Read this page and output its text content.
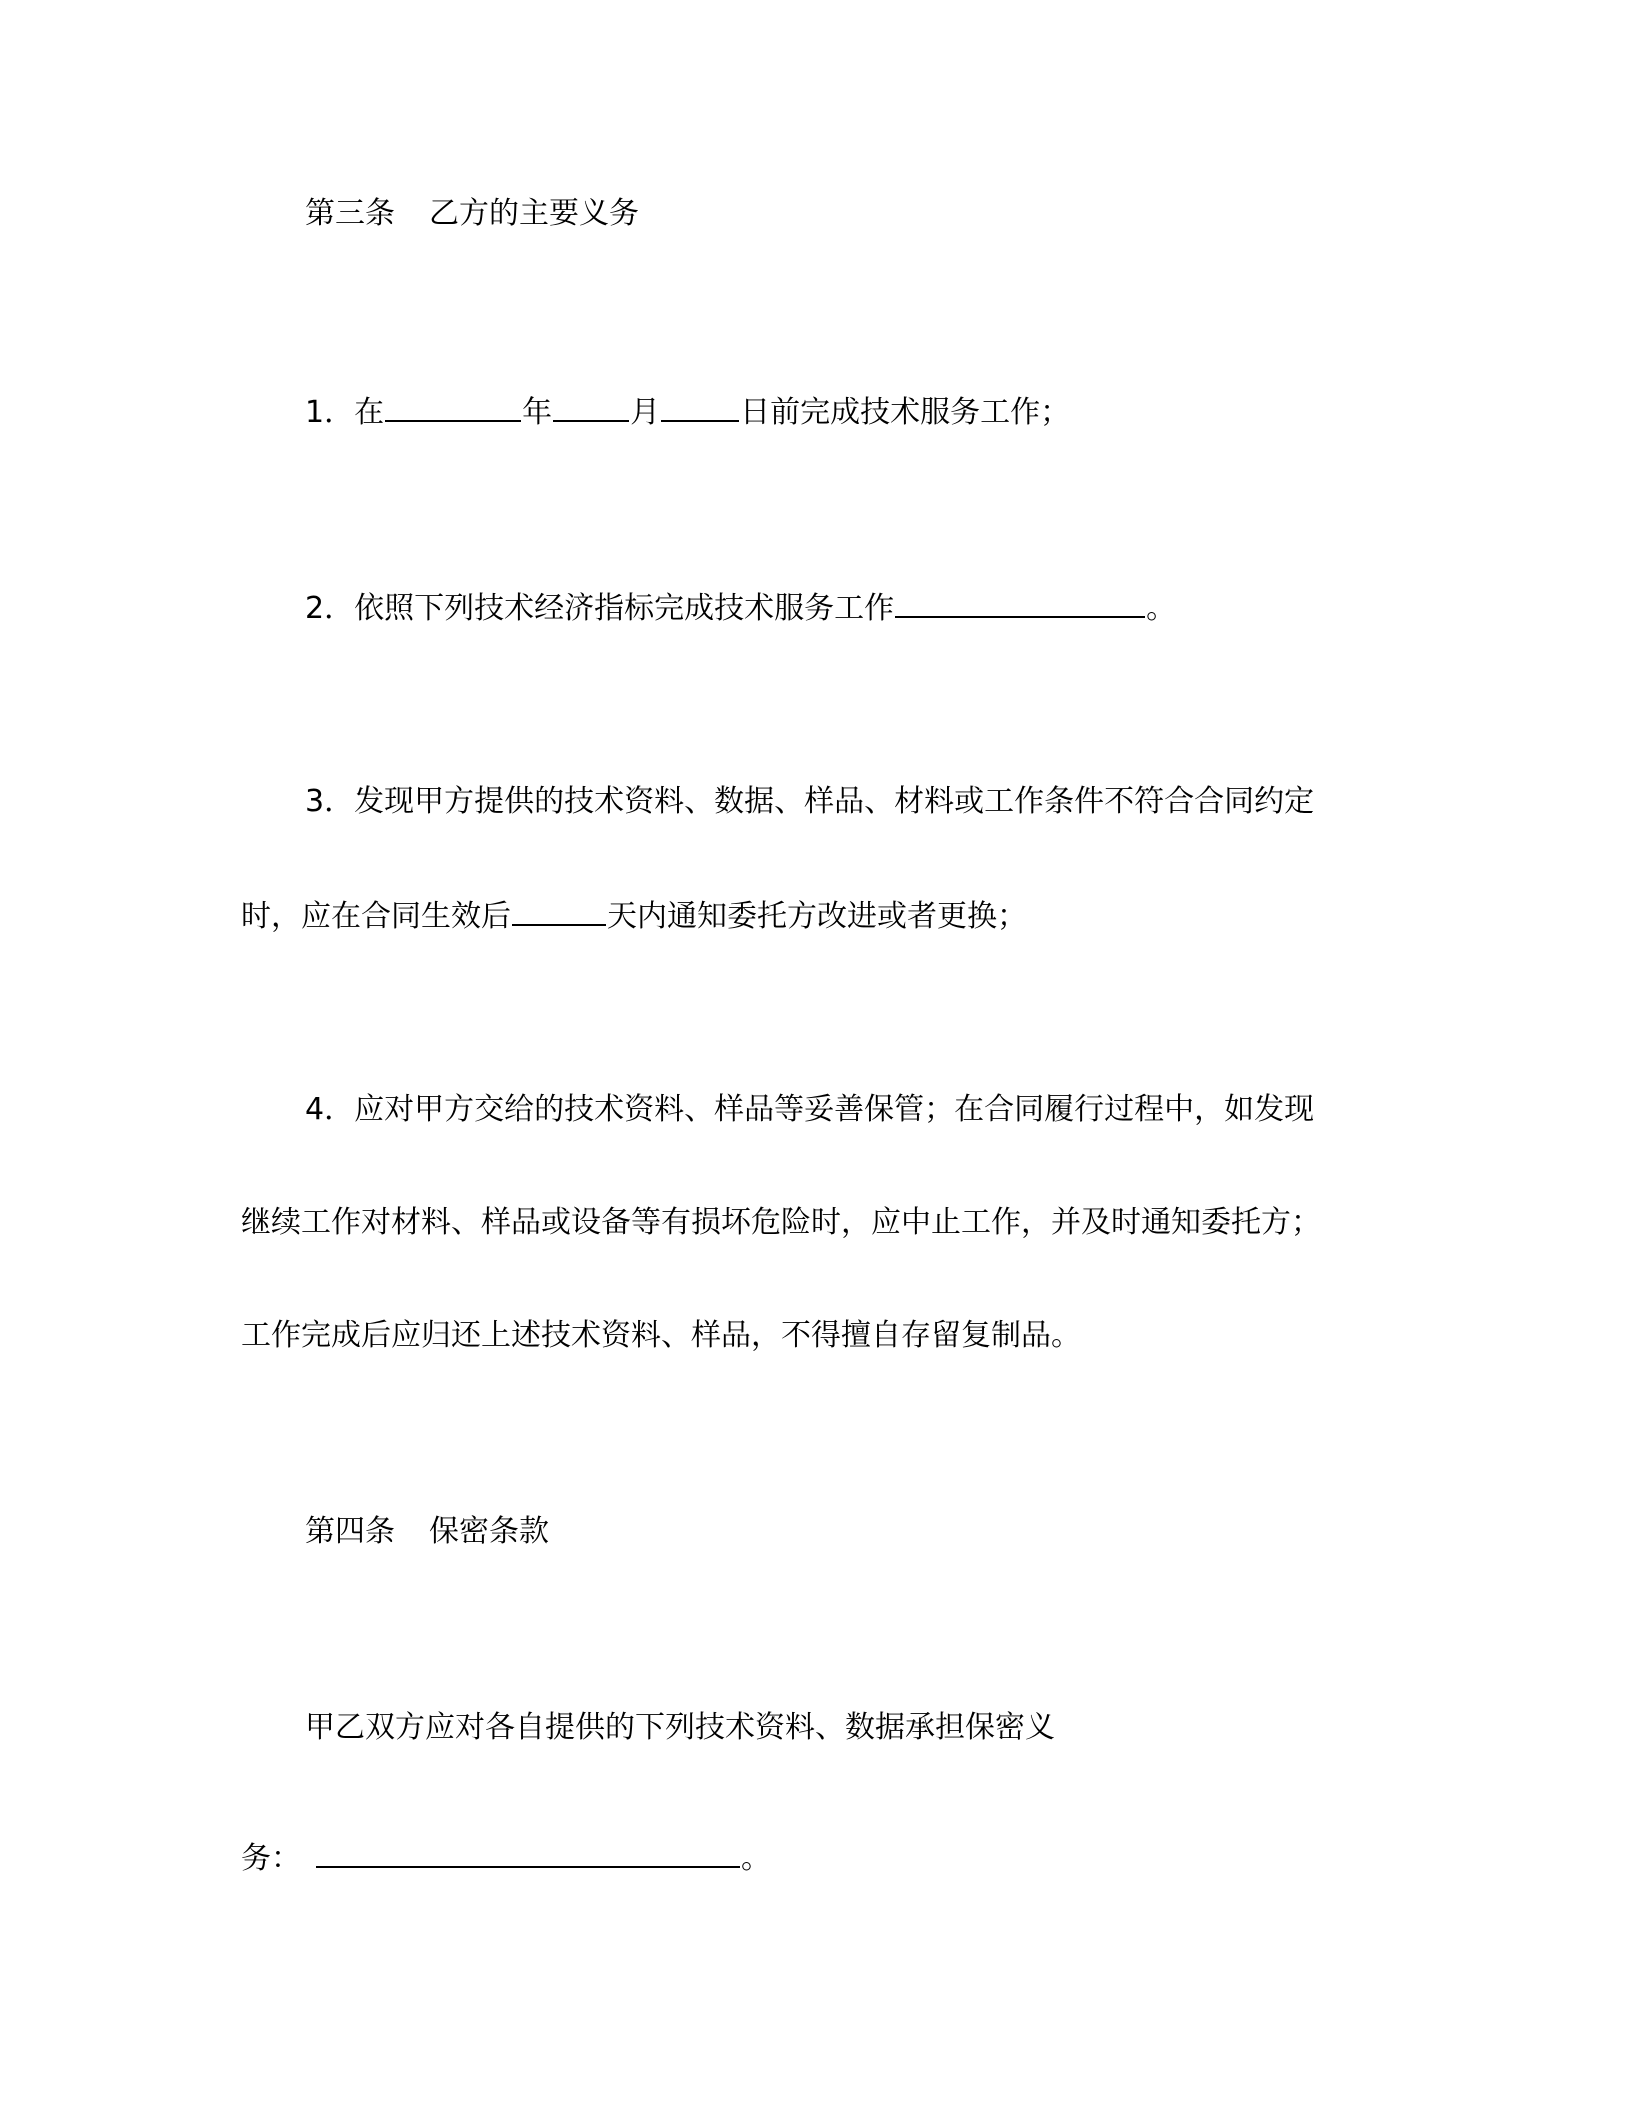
第三条 乙方的主要义务
1．在	年	月	日前完成技术服务工作；
2．依照下列技术经济指标完成技术服务工作	。
3．发现甲方提供的技术资料、数据、样品、材料或工作条件不符合合同约定
时，应在合同生效后	天内通知委托方改进或者更换；
4．应对甲方交给的技术资料、样品等妥善保管；在合同履行过程中，如发现
继续工作对材料、样品或设备等有损坏危险时，应中止工作，并及时通知委托方；
工作完成后应归还上述技术资料、样品，不得擅自存留复制品。
第四条 保密条款
甲乙双方应对各自提供的下列技术资料、数据承担保密义
务：	。
